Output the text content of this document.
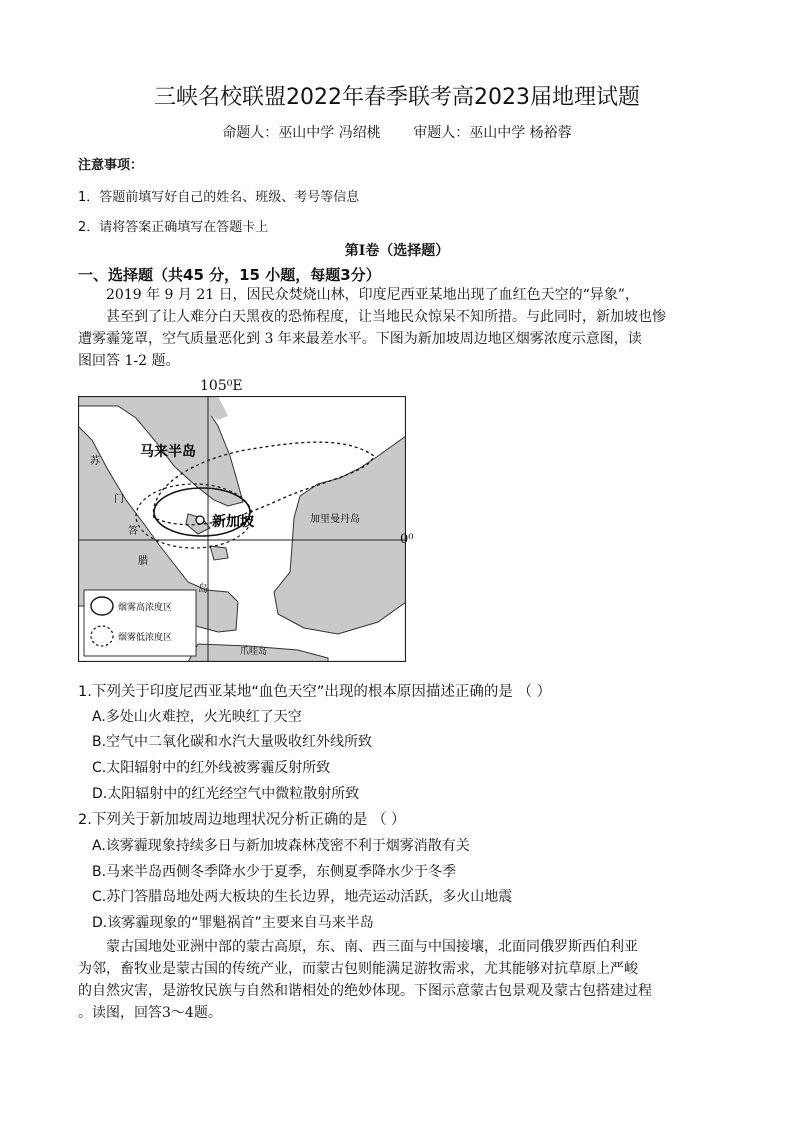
三峡名校联盟2022年春季联考高2023届地理试题
命题人：巫山中学 冯绍桃 审题人：巫山中学 杨裕蓉
注意事项：
1．答题前填写好自己的姓名、班级、考号等信息
2．请将答案正确填写在答题卡上
第I卷（选择题）
一、选择题（共45 分，15 小题，每题3分）
2019 年 9 月 21 日，因民众焚烧山林，印度尼西亚某地出现了血红色天空的“异象”，
甚至到了让人难分白天黑夜的恐怖程度，让当地民众惊呆不知所措。与此同时，新加坡也惨
遭雾霾笼罩，空气质量恶化到 3 年来最差水平。下图为新加坡周边地区烟雾浓度示意图，读
图回答 1-2 题。
马来半岛
新加坡	加里曼丹岛
苏
门
答
腊
岛
爪哇岛
烟雾高浓度区
烟雾低浓度区
105⁰E
0⁰
1.下列关于印度尼西亚某地“血色天空”出现的根本原因描述正确的是 （ ）
A.多处山火难控，火光映红了天空
B.空气中二氧化碳和水汽大量吸收红外线所致
C.太阳辐射中的红外线被雾霾反射所致
D.太阳辐射中的红光经空气中微粒散射所致
2.下列关于新加坡周边地理状况分析正确的是 （ ）
A.该雾霾现象持续多日与新加坡森林茂密不利于烟雾消散有关
B.马来半岛西侧冬季降水少于夏季，东侧夏季降水少于冬季
C.苏门答腊岛地处两大板块的生长边界，地壳运动活跃，多火山地震
D.该雾霾现象的“罪魁祸首”主要来自马来半岛
蒙古国地处亚洲中部的蒙古高原，东、南、西三面与中国接壤，北面同俄罗斯西伯利亚
为邻，畜牧业是蒙古国的传统产业，而蒙古包则能满足游牧需求，尤其能够对抗草原上严峻
的自然灾害，是游牧民族与自然和谐相处的绝妙体现。下图示意蒙古包景观及蒙古包搭建过程
。读图，回答3～4题。
